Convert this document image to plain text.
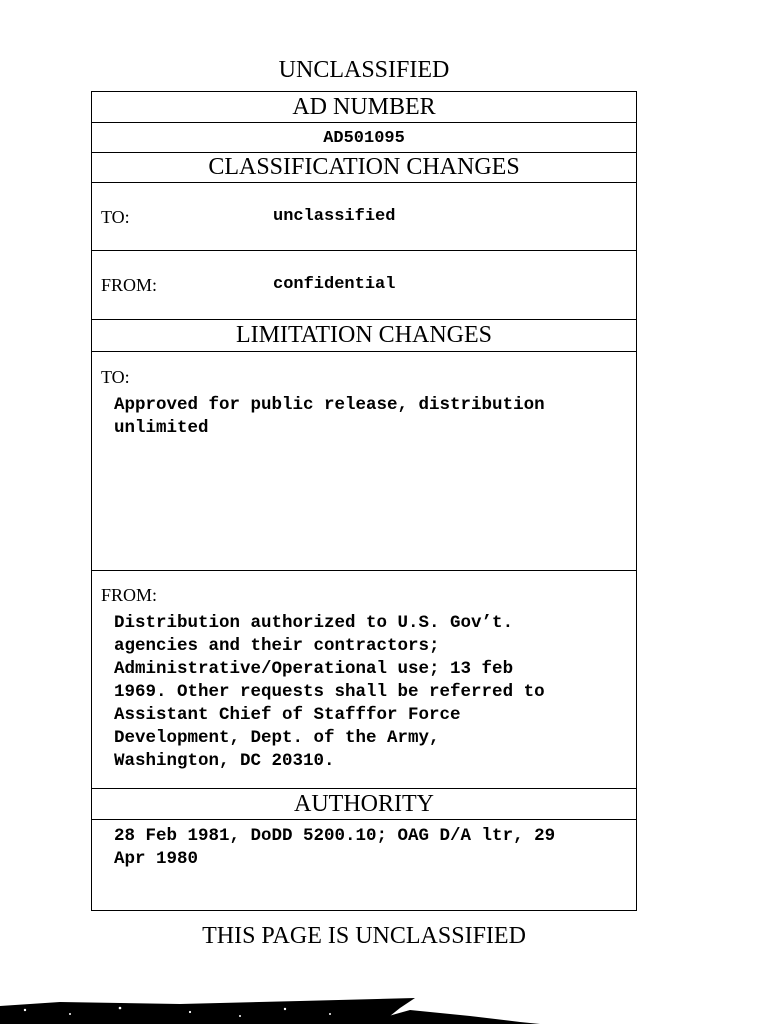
UNCLASSIFIED
AD NUMBER
AD501095
CLASSIFICATION CHANGES
TO:	unclassified
FROM:	confidential
LIMITATION CHANGES
TO:
Approved for public release, distribution
unlimited
FROM:
Distribution authorized to U.S. Gov’t.
agencies and their contractors;
Administrative/Operational use; 13 feb
1969. Other requests shall be referred to
Assistant Chief of Stafffor Force
Development, Dept. of the Army,
Washington, DC 20310.
AUTHORITY
28 Feb 1981, DoDD 5200.10; OAG D/A ltr, 29
Apr 1980
THIS PAGE IS UNCLASSIFIED
